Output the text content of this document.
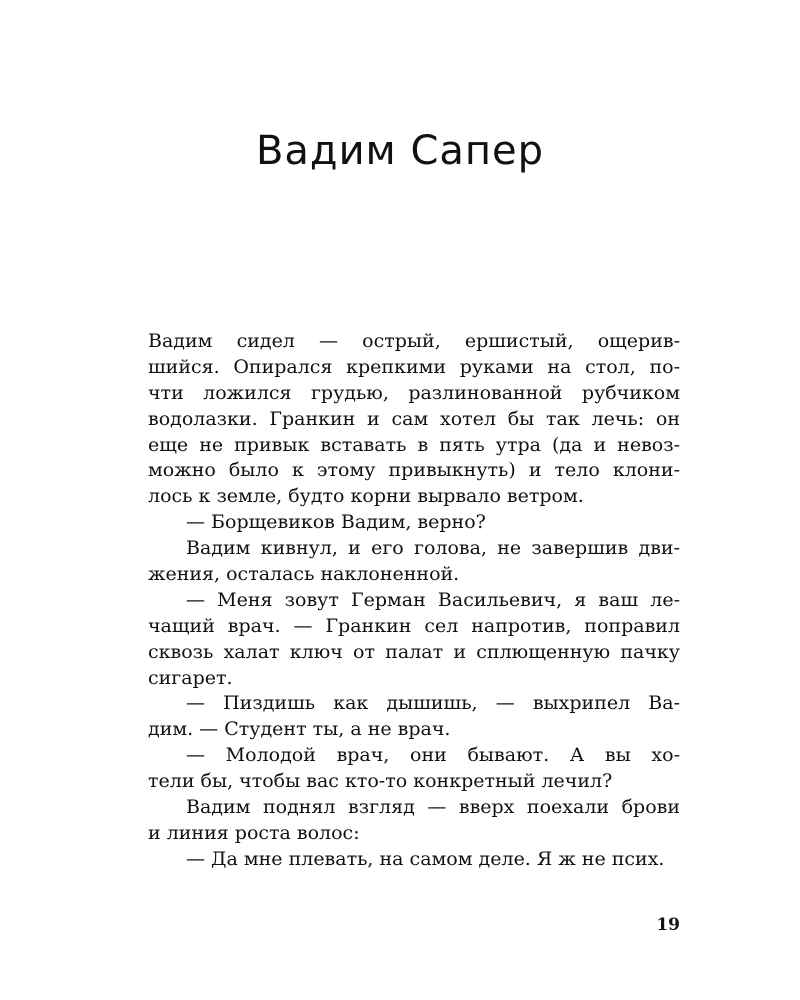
Вадим Сапер
Вадим сидел — острый, ершистый, ощерив-
шийся. Опирался крепкими руками на стол, по-
чти ложился грудью, разлинованной рубчиком
водолазки. Гранкин и сам хотел бы так лечь: он
еще не привык вставать в пять утра (да и невоз-
можно было к этому привыкнуть) и тело клони-
лось к земле, будто корни вырвало ветром.
— Борщевиков Вадим, верно?
Вадим кивнул, и его голова, не завершив дви-
жения, осталась наклоненной.
— Меня зовут Герман Васильевич, я ваш ле-
чащий врач. — Гранкин сел напротив, поправил
сквозь халат ключ от палат и сплющенную пачку
сигарет.
— Пиздишь как дышишь, — выхрипел Ва-
дим. — Студент ты, а не врач.
— Молодой врач, они бывают. А вы хо-
тели бы, чтобы вас кто-то конкретный лечил?
Вадим поднял взгляд — вверх поехали брови
и линия роста волос:
— Да мне плевать, на самом деле. Я ж не псих.
19
